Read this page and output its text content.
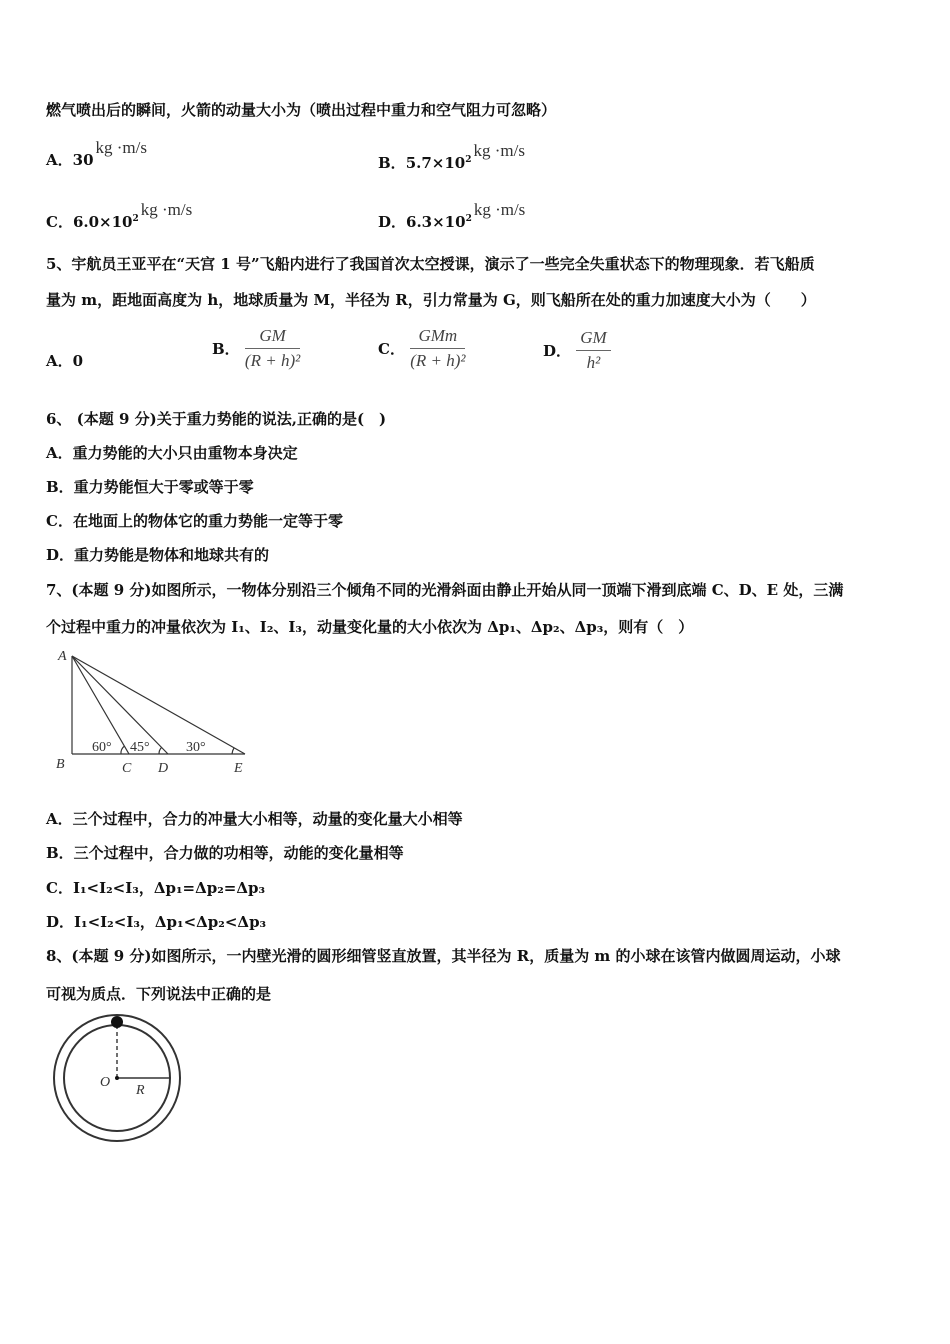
燃气喷出后的瞬间，火箭的动量大小为（喷出过程中重力和空气阻力可忽略）
A．30kg ·m/s
B．$5.7\times 10^2$ kg ·m/s
C．$6.0\times 10^2$ kg ·m/s
D．$6.3\times 10^2$ kg ·m/s
5、宇航员王亚平在“天宫 1 号”飞船内进行了我国首次太空授课，演示了一些完全失重状态下的物理现象．若飞船质
量为 m，距地面高度为 h，地球质量为 M，半径为 R，引力常量为 G，则飞船所在处的重力加速度大小为（　　）
A．0
B． $\frac{GM}{\text{(R + h)²}}$	C． $\frac{\text{GMm}}{\text{(R + h)²}}$	D． $\frac{GM}{\text{h²}}$
6、 (本题 9 分)关于重力势能的说法,正确的是(　)
A．重力势能的大小只由重物本身决定
B．重力势能恒大于零或等于零
C．在地面上的物体它的重力势能一定等于零
D．重力势能是物体和地球共有的
7、(本题 9 分)如图所示，一物体分别沿三个倾角不同的光滑斜面由静止开始从同一顶端下滑到底端 C、D、E 处，三满
个过程中重力的冲量依次为 I₁、I₂、I₃，动量变化量的大小依次为 Δp₁、Δp₂、Δp₃，则有（　）
A
B	C D	E
60° 45°	30°
A．三个过程中，合力的冲量大小相等，动量的变化量大小相等
B．三个过程中，合力做的功相等，动能的变化量相等
C．I₁<I₂<I₃，Δp₁=Δp₂=Δp₃
D．I₁<I₂<I₃，Δp₁<Δp₂<Δp₃
8、(本题 9 分)如图所示，一内壁光滑的圆形细管竖直放置，其半径为 R，质量为 m 的小球在该管内做圆周运动，小球
可视为质点．下列说法中正确的是
O
R
